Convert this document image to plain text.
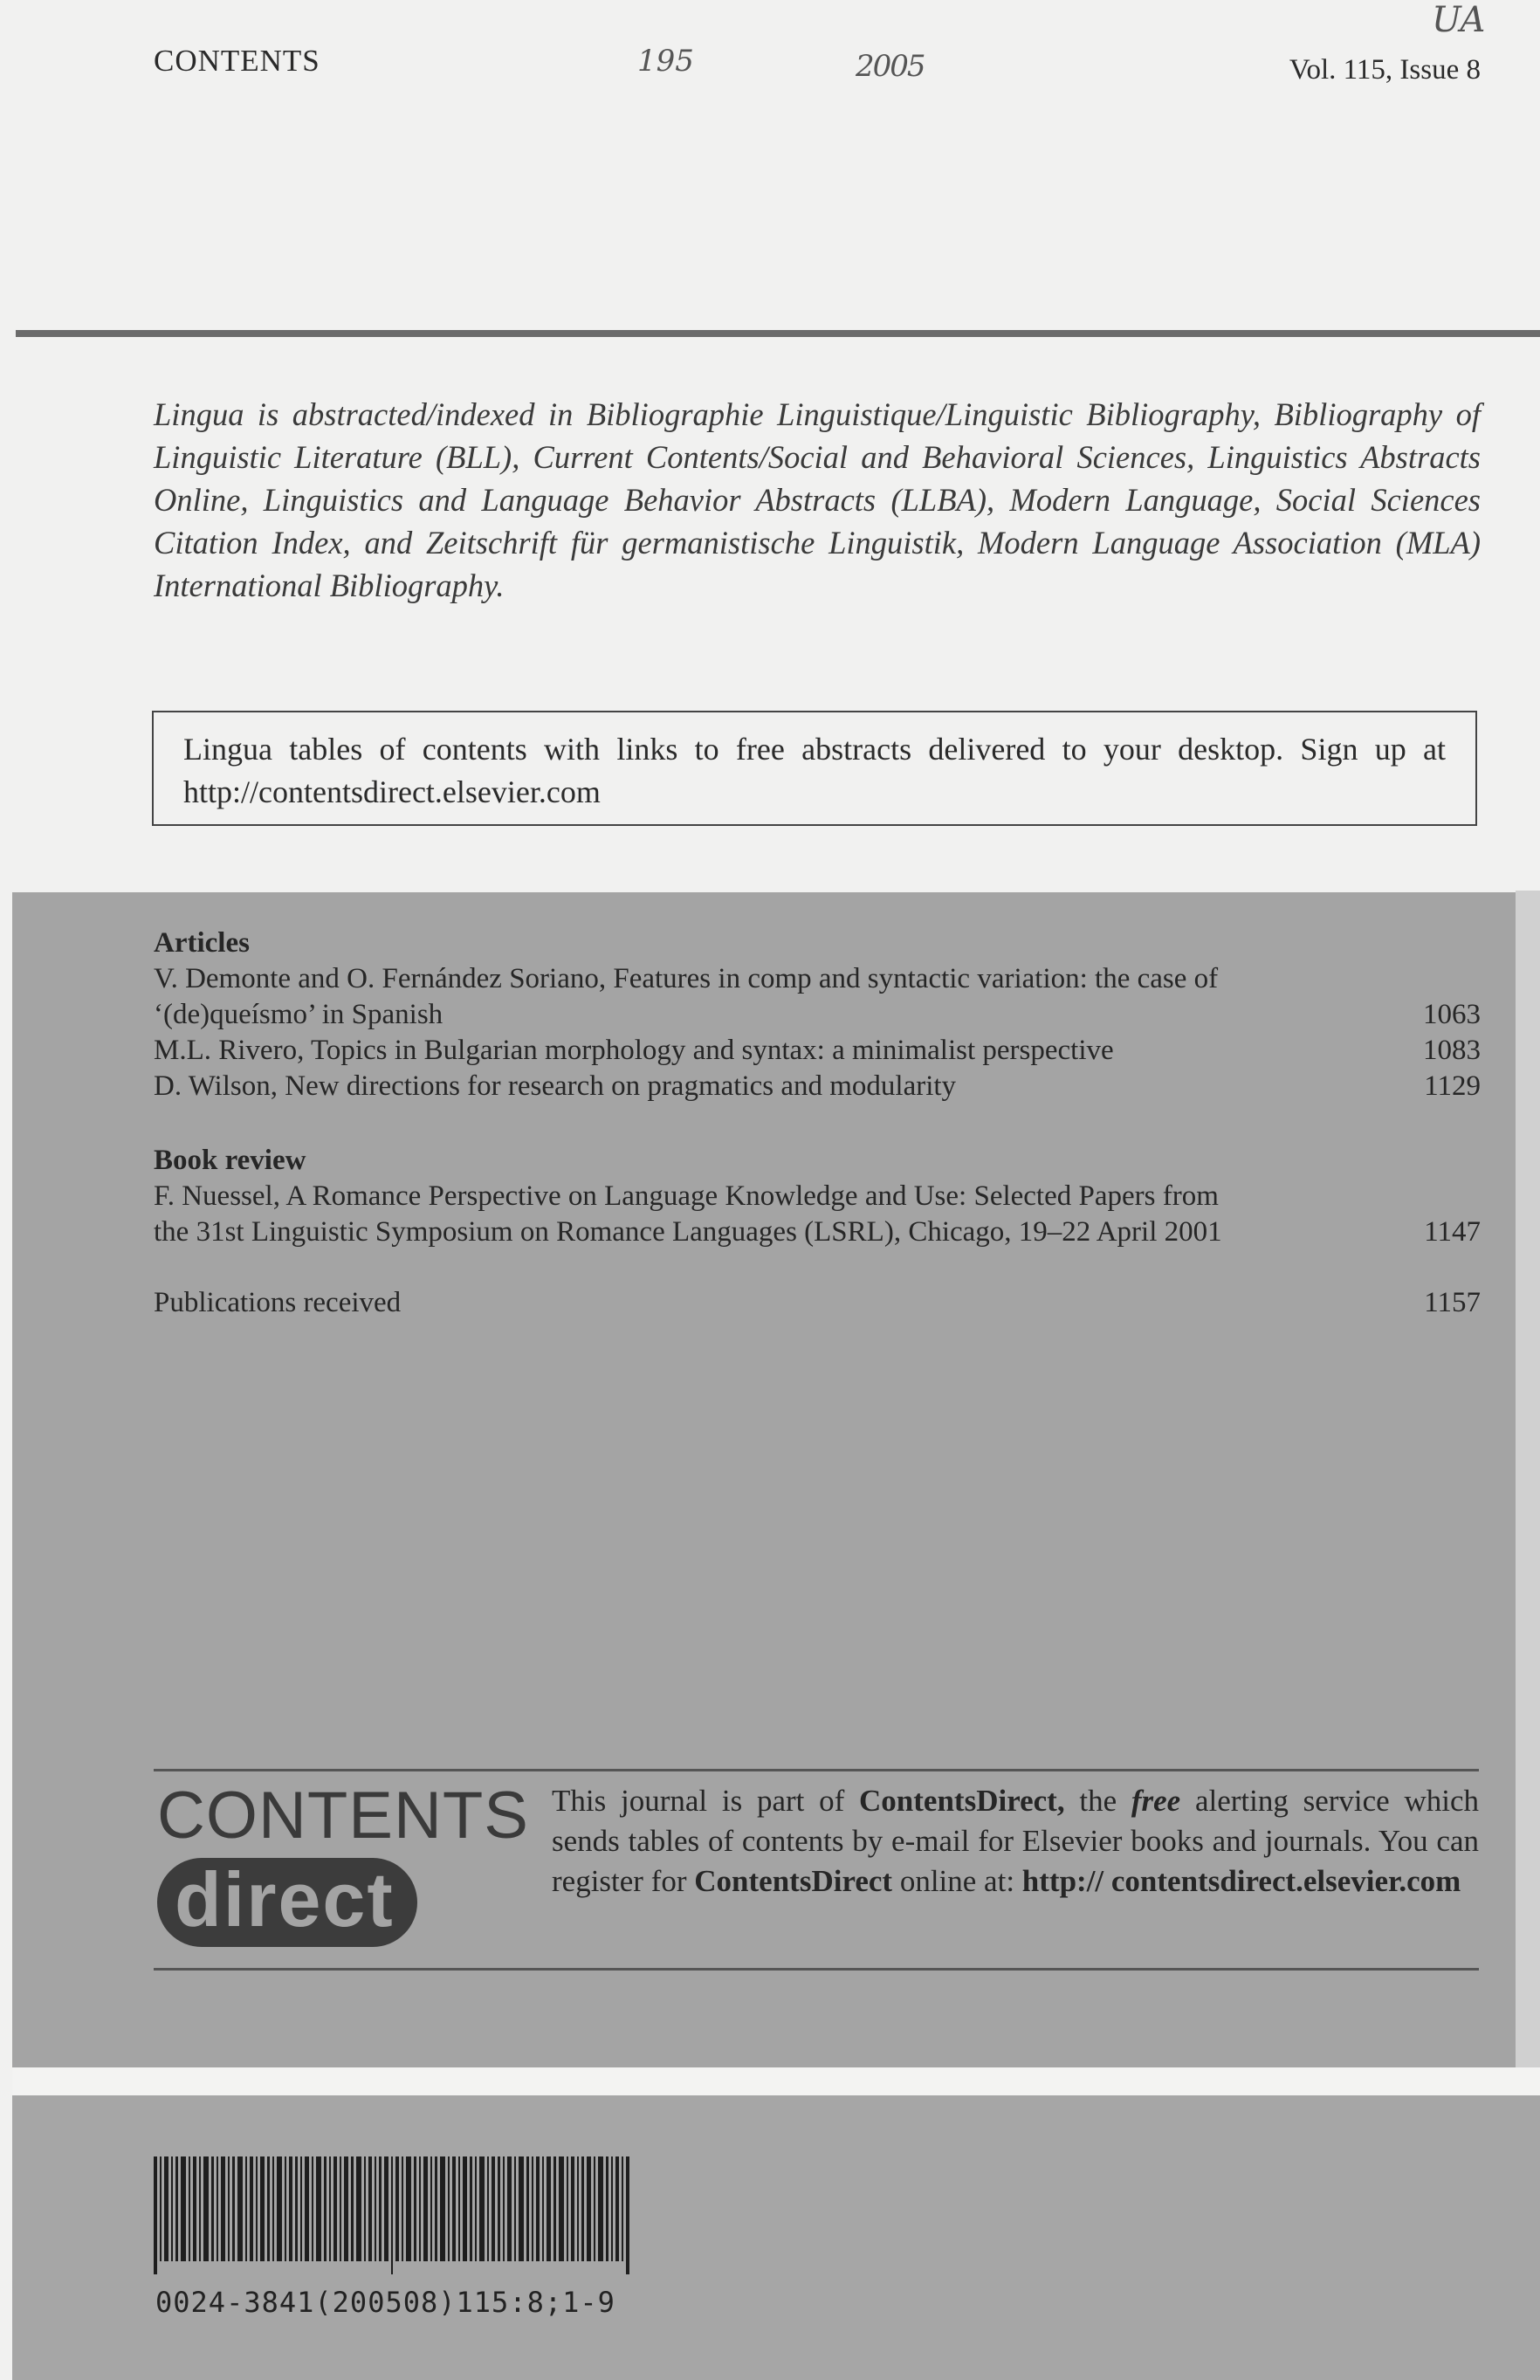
CONTENTS	195	2005
UA
Vol. 115, Issue 8
Lingua is abstracted/indexed in Bibliographie Linguistique/Linguistic Bibliography, Bibliography of Linguistic Literature (BLL), Current Contents/Social and Behavioral Sciences, Linguistics Abstracts Online, Linguistics and Language Behavior Abstracts (LLBA), Modern Language, Social Sciences Citation Index, and Zeitschrift für germanistische Linguistik, Modern Language Association (MLA) International Bibliography.
Lingua tables of contents with links to free abstracts delivered to your desktop. Sign up at http://contentsdirect.elsevier.com
Articles
V. Demonte and O. Fernández Soriano, Features in comp and syntactic variation: the case of
‘(de)queísmo’ in Spanish	1063
M.L. Rivero, Topics in Bulgarian morphology and syntax: a minimalist perspective	1083
D. Wilson, New directions for research on pragmatics and modularity	1129
Book review
F. Nuessel, A Romance Perspective on Language Knowledge and Use: Selected Papers from
the 31st Linguistic Symposium on Romance Languages (LSRL), Chicago, 19–22 April 2001	1147
Publications received	1157
CONTENTS
direct
This journal is part of ContentsDirect, the free alerting service which sends tables of contents by e-mail for Elsevier books and journals. You can register for ContentsDirect online at: http:// contentsdirect.elsevier.com
0024-3841(200508)115:8;1-9
